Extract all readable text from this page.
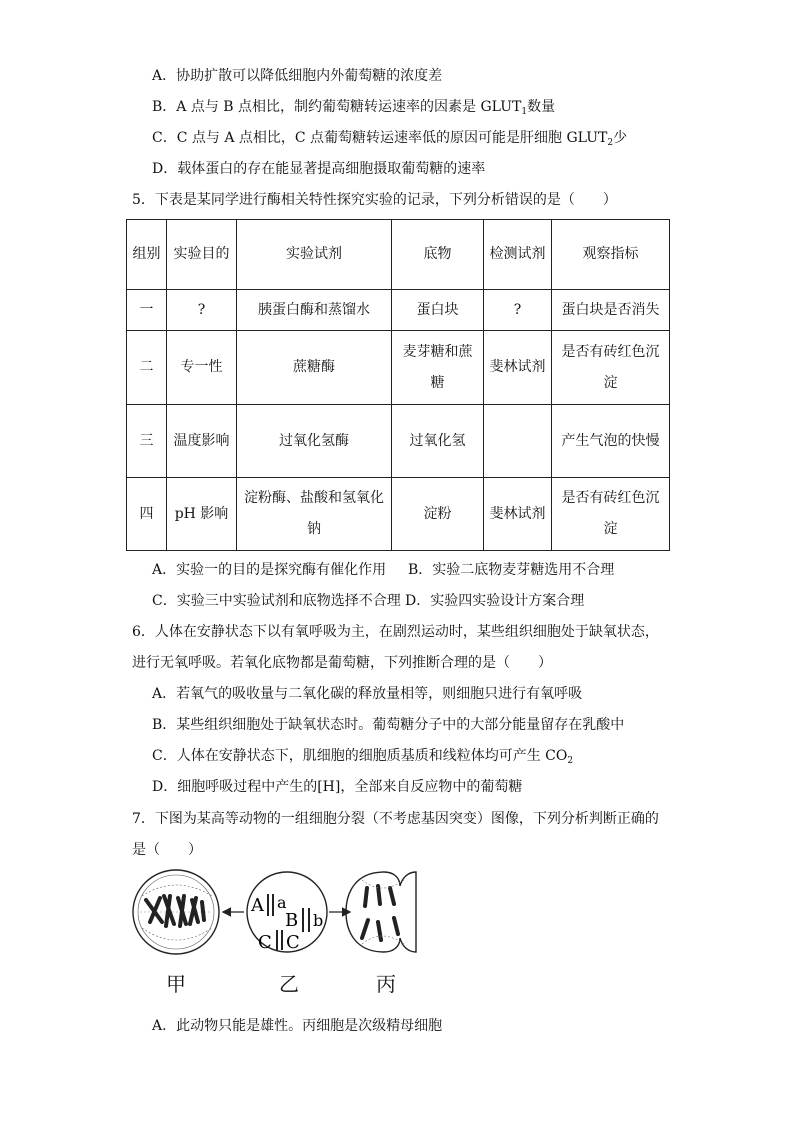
A．协助扩散可以降低细胞内外葡萄糖的浓度差
B．A 点与 B 点相比，制约葡萄糖转运速率的因素是 $GLUT_1$数量
C．C 点与 A 点相比，C 点葡萄糖转运速率低的原因可能是肝细胞 $GLUT_2$少
D．载体蛋白的存在能显著提高细胞摄取葡萄糖的速率
5．下表是某同学进行酶相关特性探究实验的记录，下列分析错误的是（　　）
组别	实验目的	实验试剂	底物	检测试剂	观察指标
一	?	胰蛋白酶和蒸馏水	蛋白块	?	蛋白块是否消失
二	专一性	蔗糖酶	麦芽糖和蔗糖	斐林试剂	是否有砖红色沉淀
三	温度影响	过氧化氢酶	过氧化氢		产生气泡的快慢
四	pH 影响	淀粉酶、盐酸和氢氧化钠	淀粉	斐林试剂	是否有砖红色沉淀
A．实验一的目的是探究酶有催化作用 B．实验二底物麦芽糖选用不合理
C．实验三中实验试剂和底物选择不合理 D．实验四实验设计方案合理
6．人体在安静状态下以有氧呼吸为主，在剧烈运动时，某些组织细胞处于缺氧状态，
进行无氧呼吸。若氧化底物都是葡萄糖，下列推断合理的是（　　）
A．若氧气的吸收量与二氧化碳的释放量相等，则细胞只进行有氧呼吸
B．某些组织细胞处于缺氧状态时。葡萄糖分子中的大部分能量留存在乳酸中
C．人体在安静状态下，肌细胞的细胞质基质和线粒体均可产生 $CO_2$
D．细胞呼吸过程中产生的[H]，全部来自反应物中的葡萄糖
7．下图为某高等动物的一组细胞分裂（不考虑基因突变）图像，下列分析判断正确的
是（　　）
A a
B b
C C
甲	乙	丙
A．此动物只能是雄性。丙细胞是次级精母细胞
